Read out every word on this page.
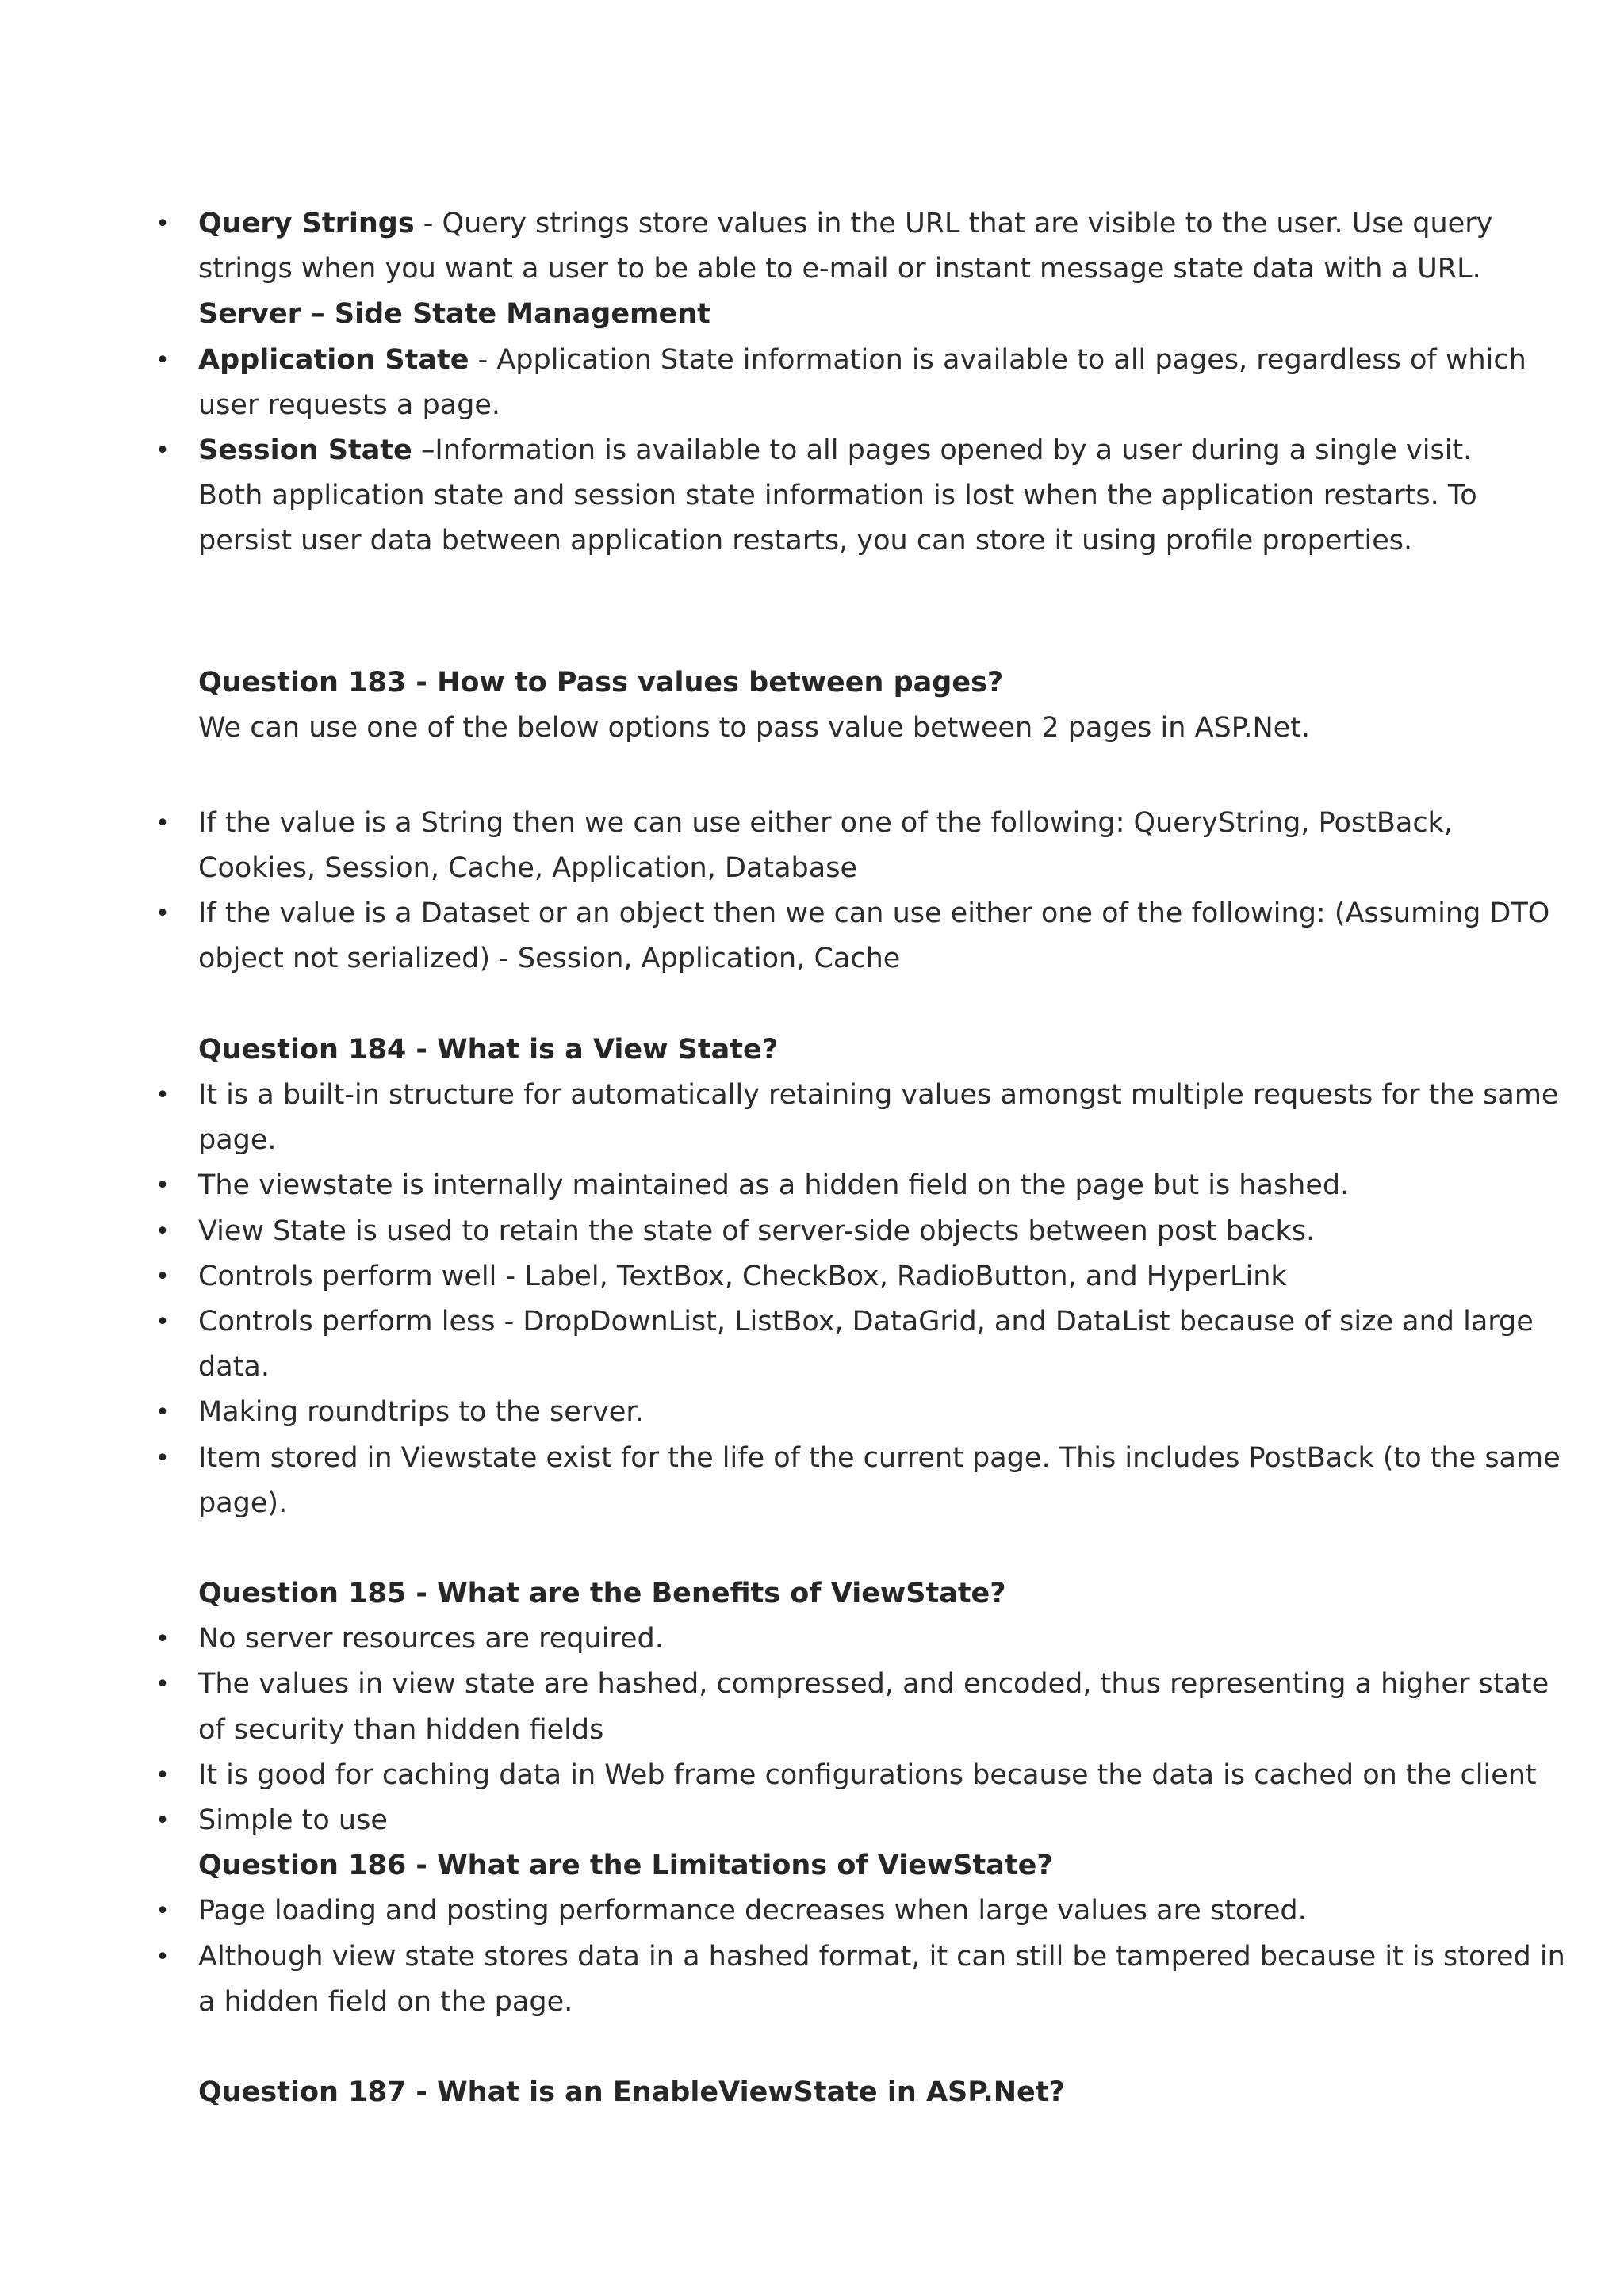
• Query Strings - Query strings store values in the URL that are visible to the user. Use query
strings when you want a user to be able to e-mail or instant message state data with a URL.
Server – Side State Management
• Application State - Application State information is available to all pages, regardless of which
user requests a page.
• Session State –Information is available to all pages opened by a user during a single visit.
Both application state and session state information is lost when the application restarts. To
persist user data between application restarts, you can store it using profile properties.
Question 183 - How to Pass values between pages?
We can use one of the below options to pass value between 2 pages in ASP.Net.
• If the value is a String then we can use either one of the following: QueryString, PostBack,
Cookies, Session, Cache, Application, Database
• If the value is a Dataset or an object then we can use either one of the following: (Assuming DTO
object not serialized) - Session, Application, Cache
Question 184 - What is a View State?
• It is a built-in structure for automatically retaining values amongst multiple requests for the same
page.
• The viewstate is internally maintained as a hidden field on the page but is hashed.
• View State is used to retain the state of server-side objects between post backs.
• Controls perform well - Label, TextBox, CheckBox, RadioButton, and HyperLink
• Controls perform less - DropDownList, ListBox, DataGrid, and DataList because of size and large
data.
• Making roundtrips to the server.
• Item stored in Viewstate exist for the life of the current page. This includes PostBack (to the same
page).
Question 185 - What are the Benefits of ViewState?
• No server resources are required.
• The values in view state are hashed, compressed, and encoded, thus representing a higher state
of security than hidden fields
• It is good for caching data in Web frame configurations because the data is cached on the client
• Simple to use
Question 186 - What are the Limitations of ViewState?
• Page loading and posting performance decreases when large values are stored.
• Although view state stores data in a hashed format, it can still be tampered because it is stored in
a hidden field on the page.
Question 187 - What is an EnableViewState in ASP.Net?
